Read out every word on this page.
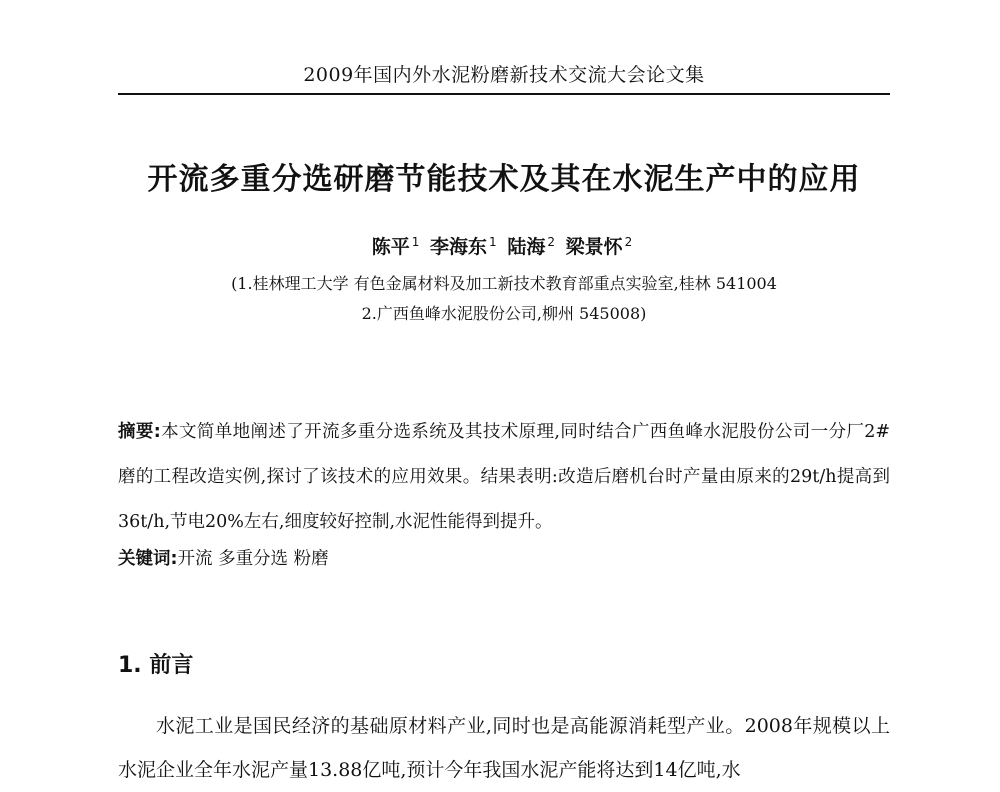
2009年国内外水泥粉磨新技术交流大会论文集
开流多重分选研磨节能技术及其在水泥生产中的应用
陈平 $^1$ 李海东 $^1$ 陆海 $^2$ 梁景怀 $^2$
(1.桂林理工大学 有色金属材料及加工新技术教育部重点实验室,桂林 541004
2.广西鱼峰水泥股份公司,柳州 545008)
摘要:本文简单地阐述了开流多重分选系统及其技术原理,同时结合广西鱼峰水泥股份公司一分厂2#磨的工程改造实例,探讨了该技术的应用效果。结果表明:改造后磨机台时产量由原来的29t/h提高到36t/h,节电20%左右,细度较好控制,水泥性能得到提升。
关键词:开流 多重分选 粉磨
1. 前言
水泥工业是国民经济的基础原材料产业,同时也是高能源消耗型产业。2008年规模以上水泥企业全年水泥产量13.88亿吨,预计今年我国水泥产能将达到14亿吨,水
